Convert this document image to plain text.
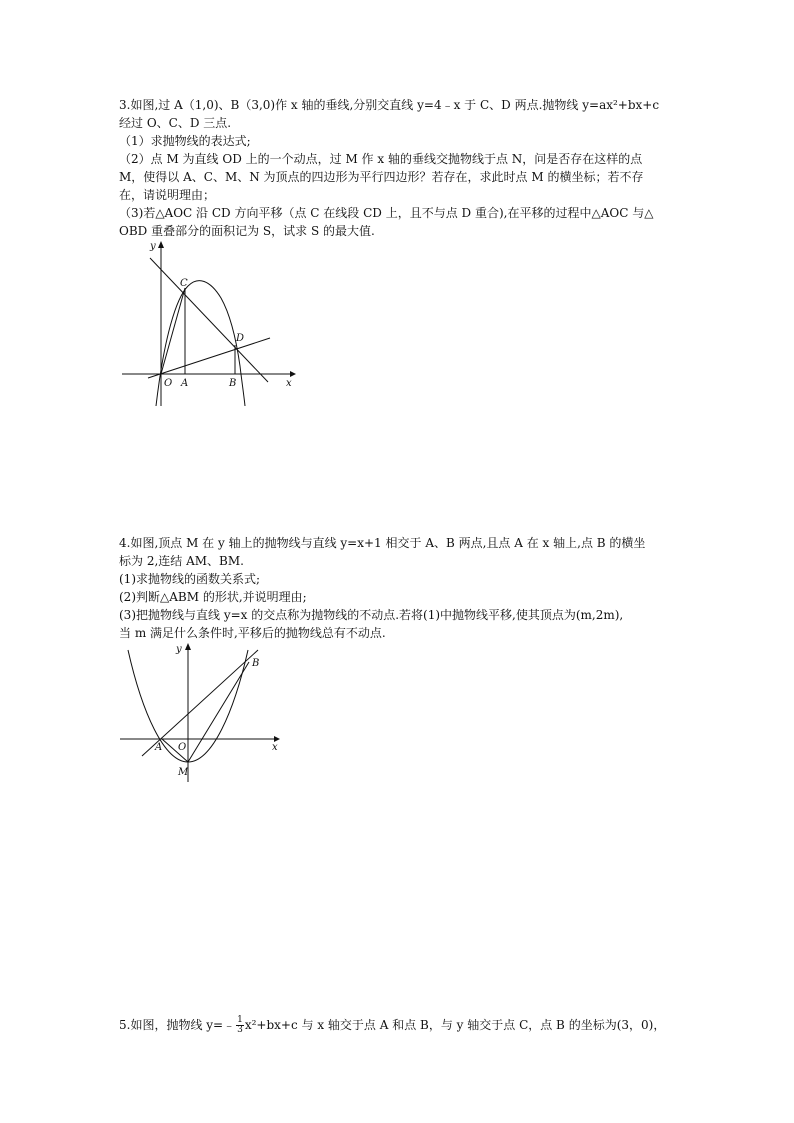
3.如图,过 A（1,0)、B（3,0)作 x 轴的垂线,分别交直线 y=4﹣x 于 C、D 两点.抛物线 y=ax²+bx+c
经过 O、C、D 三点.
（1）求抛物线的表达式;
（2）点 M 为直线 OD 上的一个动点，过 M 作 x 轴的垂线交抛物线于点 N，问是否存在这样的点
M，使得以 A、C、M、N 为顶点的四边形为平行四边形？若存在，求此时点 M 的横坐标；若不存
在，请说明理由；
（3)若△AOC 沿 CD 方向平移（点 C 在线段 CD 上，且不与点 D 重合),在平移的过程中△AOC 与△
OBD 重叠部分的面积记为 S，试求 S 的最大值.
y
x
O A	B
C
D
4.如图,顶点 M 在 y 轴上的抛物线与直线 y=x+1 相交于 A、B 两点,且点 A 在 x 轴上,点 B 的横坐
标为 2,连结 AM、BM.
(1)求抛物线的函数关系式;
(2)判断△ABM 的形状,并说明理由;
(3)把抛物线与直线 y=x 的交点称为抛物线的不动点.若将(1)中抛物线平移,使其顶点为(m,2m),
当 m 满足什么条件时,平移后的抛物线总有不动点.
y
x
O
A
B
M
5.如图，抛物线 y=﹣ $\frac{1}{3} x^2+bx+c$ 与 x 轴交于点 A 和点 B，与 y 轴交于点 C，点 B 的坐标为(3，0)，
